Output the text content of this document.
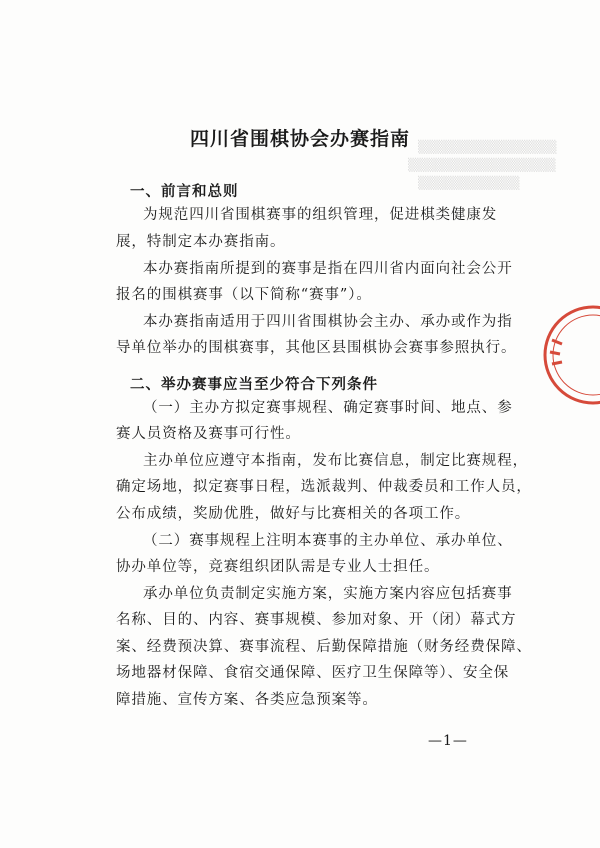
▒▒▒▒▒▒▒▒▒▒▒▒▒▒▒
▒▒▒▒▒▒▒▒▒▒▒▒▒▒▒▒
▒▒▒▒▒▒▒▒▒▒▒
四川省围棋协会办赛指南
一、前言和总则
为规范四川省围棋赛事的组织管理，促进棋类健康发
展，特制定本办赛指南。
本办赛指南所提到的赛事是指在四川省内面向社会公开
报名的围棋赛事（以下简称“赛事”）。
本办赛指南适用于四川省围棋协会主办、承办或作为指
导单位举办的围棋赛事，其他区县围棋协会赛事参照执行。
二、举办赛事应当至少符合下列条件
（一）主办方拟定赛事规程、确定赛事时间、地点、参
赛人员资格及赛事可行性。
主办单位应遵守本指南，发布比赛信息，制定比赛规程，
确定场地，拟定赛事日程，选派裁判、仲裁委员和工作人员，
公布成绩，奖励优胜，做好与比赛相关的各项工作。
（二）赛事规程上注明本赛事的主办单位、承办单位、
协办单位等，竞赛组织团队需是专业人士担任。
承办单位负责制定实施方案，实施方案内容应包括赛事
名称、目的、内容、赛事规模、参加对象、开（闭）幕式方
案、经费预决算、赛事流程、后勤保障措施（财务经费保障、
场地器材保障、食宿交通保障、医疗卫生保障等）、安全保
障措施、宣传方案、各类应急预案等。
—1—
